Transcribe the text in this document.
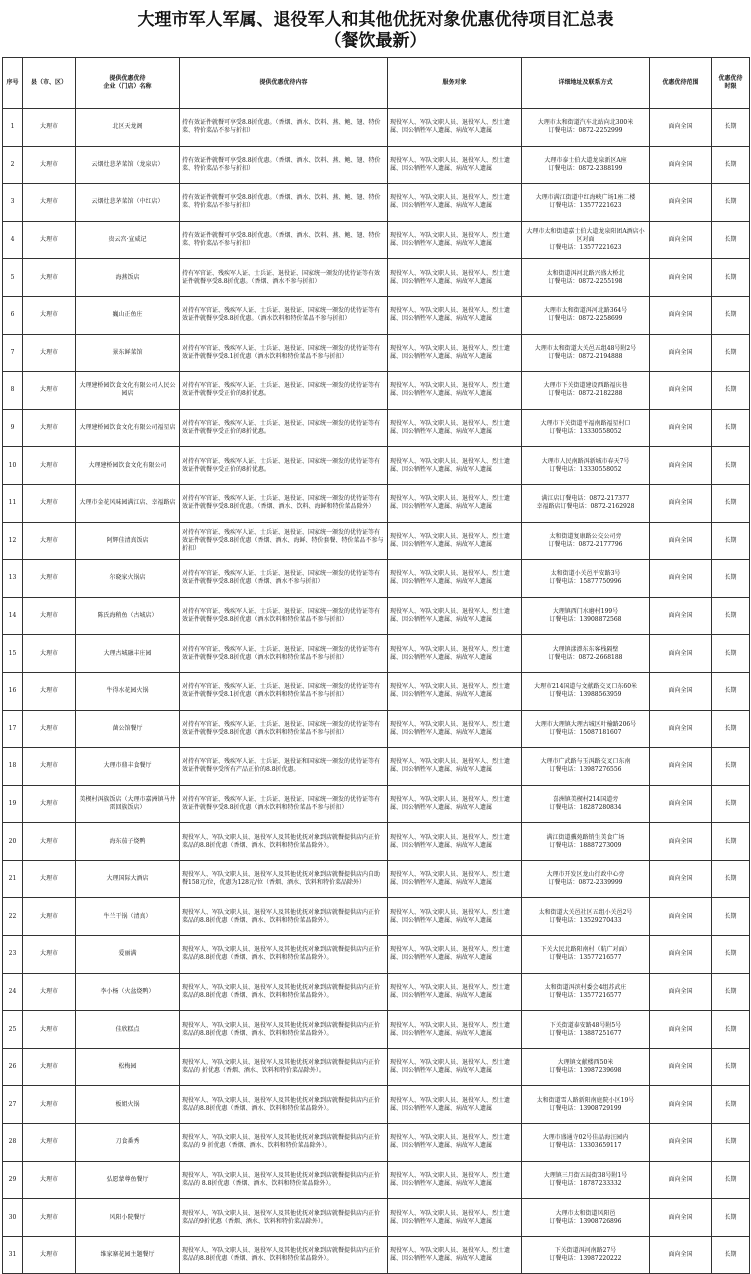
大理市军人军属、退役军人和其他优抚对象优惠优待项目汇总表
（餐饮最新）
序号	县（市、区）	提供优惠优待
企业（门店）名称	提供优惠优待内容	服务对象	详细地址及联系方式	优惠优待范围	优惠优待
时限
1	大理市	北区天龙阁	持有效证件就餐可享受8.8折优惠。（香烟、酒水、饮料、燕、鲍、翅、特价菜、特价菜品不参与折扣）	现役军人、军队文职人员、退役军人、烈士遗属、因公牺牲军人遗属、病故军人遗属	大理市太和街道汽车北站向北300米
订餐电话：0872-2252999	面向全国	长期
2	大理市	云烟灶悲茅菜馆（龙泉店）	持有效证件就餐可享受8.8折优惠。（香烟、酒水、饮料、燕、鲍、翅、特价菜、特价菜品不参与折扣）	现役军人、军队文职人员、退役军人、烈士遗属、因公牺牲军人遗属、病故军人遗属	大理市泰士伯大道龙泉新区A座
订餐电话：0872-2388199	面向全国	长期
3	大理市	云烟灶悲茅菜馆（中红店）	持有效证件就餐可享受8.8折优惠。（香烟、酒水、饮料、燕、鲍、翅、特价菜、特价菜品不参与折扣）	现役军人、军队文职人员、退役军人、烈士遗属、因公牺牲军人遗属、病故军人遗属	大理市满江街道中红海峡广场1座二楼
订餐电话：13577221623	面向全国	长期
4	大理市	贵云宫·宣威记	持有效证件就餐可享受8.8折优惠。（香烟、酒水、饮料、燕、鲍、翅、特价菜、特价菜品不参与折扣）	现役军人、军队文职人员、退役军人、烈士遗属、因公牺牲军人遗属、病故军人遗属	大理市太和街道嘉士伯大道龙泉阳团A酒店小区对面
订餐电话：13577221623	面向全国	长期
5	大理市	海燕饭店	持有军官证、残疾军人证、士兵证、退役证、国家统一颁发的优待证等有效证件就餐享受8.8折优惠。（香烟、酒水不参与折扣）	现役军人、军队文职人员、退役军人、烈士遗属、因公牺牲军人遗属、病故军人遗属	太和街道洱河北路兴盛大桥北
订餐电话：0872-2255198	面向全国	长期
6	大理市	巍山正鱼庄	对持有军官证、残疾军人证、士兵证、退役证、国家统一颁发的优待证等有效证件就餐享受8.8折优惠。（酒水饮料和特价菜品不参与折扣）	现役军人、军队文职人员、退役军人、烈士遗属、因公牺牲军人遗属、病故军人遗属	大理市太和街道洱河北路364号
订餐电话：0872-2258699	面向全国	长期
7	大理市	景东鲜菜馆	对持有军官证、残疾军人证、士兵证、退役证、国家统一颁发的优待证等有效证件就餐享受8.1折优惠（酒水饮料和特价菜品不参与折扣）	现役军人、军队文职人员、退役军人、烈士遗属、因公牺牲军人遗属、病故军人遗属	大理市太和街道大关邑五组48号附2号
订餐电话：0872-2194888	面向全国	长期
8	大理市	大理建桥园饮食文化有限公司人民公园店	对持有军官证、残疾军人证、士兵证、退役证、国家统一颁发的优待证等有效证件就餐享受正价的8折优惠。	现役军人、军队文职人员、退役军人、烈士遗属、因公牺牲军人遗属、病故军人遗属	大理市下关街道建设西路福庆巷
订餐电话：0872-2182288	面向全国	长期
9	大理市	大理建桥园饮食文化有限公司福星店	对持有军官证、残疾军人证、士兵证、退役证、国家统一颁发的优待证等有效证件就餐享受正价的8折优惠。	现役军人、军队文职人员、退役军人、烈士遗属、因公牺牲军人遗属、病故军人遗属	大理市下关街道平福南路福星村口
订餐电话：13330558052	面向全国	长期
10	大理市	大理建桥园饮食文化有限公司	对持有军官证、残疾军人证、士兵证、退役证、国家统一颁发的优待证等有效证件就餐享受正价的8折优惠。	现役军人、军队文职人员、退役军人、烈士遗属、因公牺牲军人遗属、病故军人遗属	大理市人民南路洱新城市春天7号
订餐电话：13330558052	面向全国	长期
11	大理市	大理市金花风味园满江店、幸福路店	对持有军官证、残疾军人证、士兵证、退役证、国家统一颁发的优待证等有效证件就餐享受8.8折优惠。（香烟、酒水、饮料、海鲜和特价菜品除外）	现役军人、军队文职人员、退役军人、烈士遗属、因公牺牲军人遗属、病故军人遗属	满江店订餐电话：0872-217377
幸福路店订餐电话：0872-2162928	面向全国	长期
12	大理市	阿辉佳清真饭店	对持有军官证、残疾军人证、士兵证、退役证、国家统一颁发的优待证等有效证件就餐享受8.8折优惠（香烟、酒水、海鲜、特价套餐、特价菜品不参与折扣）	现役军人、军队文职人员、退役军人、烈士遗属、因公牺牲军人遗属、病故军人遗属	太和街道复康路公交公司旁
订餐电话：0872-2177796	面向全国	长期
13	大理市	尔晓家火锅店	对持有军官证、残疾军人证、士兵证、退役证、国家统一颁发的优待证等有效证件就餐享受8.8折优惠（香烟、酒水不参与折扣）	现役军人、军队文职人员、退役军人、烈士遗属、因公牺牲军人遗属、病故军人遗属	太和街道小关邑平安路3号
订餐电话：15877750996	面向全国	长期
14	大理市	陈氏海稍鱼（古城店）	对持有军官证、残疾军人证、士兵证、退役证、国家统一颁发的优待证等有效证件就餐享受8.8折优惠（酒水饮料和特价菜品不参与折扣）	现役军人、军队文职人员、退役军人、烈士遗属、因公牺牲军人遗属、病故军人遗属	大理镇西门水磨村199号
订餐电话：13908872568	面向全国	长期
15	大理市	大理古城融丰庄园	对持有军官证、残疾军人证、士兵证、退役证、国家统一颁发的优待证等有效证件就餐享受8.8折优惠（酒水饮料和特价菜品不参与折扣）	现役军人、军队文职人员、退役军人、烈士遗属、因公牺牲军人遗属、病故军人遗属	大理镇漾濞东东客栈隔壁
订餐电话：0872-2668188	面向全国	长期
16	大理市	牛得水花园火锅	对持有军官证、残疾军人证、士兵证、退役证、国家统一颁发的优待证等有效证件就餐享受8.1折优惠（酒水饮料和特价菜品不参与折扣）	现役军人、军队文职人员、退役军人、烈士遗属、因公牺牲军人遗属、病故军人遗属	大理市214国道与文献路交叉口东60米
订餐电话：13988563959	面向全国	长期
17	大理市	菌公馆餐厅	对持有军官证、残疾军人证、士兵证、退役证、国家统一颁发的优待证等有效证件就餐享受8.8折优惠（酒水饮料和特价菜品不参与折扣）	现役军人、军队文职人员、退役军人、烈士遗属、因公牺牲军人遗属、病故军人遗属	大理市大理镇大理古城区叶榆路206号
订餐电话：15087181607	面向全国	长期
18	大理市	大理市鼎丰食餐厅	对持有军官证、残疾军人证、士兵证、退役证和国家统一颁发的优待证等有效证件就餐享受所有产品正价的8.8折优惠。	现役军人、军队文职人员、退役军人、烈士遗属、因公牺牲军人遗属、病故军人遗属	大理市广武路与玉洱路交叉口东南
订餐电话：13987276556	面向全国	长期
19	大理市	美楔村洱族饭店（大理市嘉洲镇马井雷回族饭店）	对持有军官证、残疾军人证、士兵证、退役证、国家统一颁发的优待证等有效证件就餐享受8.8折优惠（酒水饮料和特价菜品不参与折扣）	现役军人、军队文职人员、退役军人、烈士遗属、因公牺牲军人遗属、病故军人遗属	喜洲镇美楔村214国道旁
订餐电话：18287280834	面向全国	长期
20	大理市	海东茄子烧鸭	现役军人、军队文职人员、退役军人及其他优抚对象到店就餐提供店内正价菜品的8.8折优惠（香烟、酒水、饮料和特价菜品除外）。	现役军人、军队文职人员、退役军人、烈士遗属、因公牺牲军人遗属、病故军人遗属	满江街道骥苑路销生美食广场
订餐电话：18887273009	面向全国	长期
21	大理市	大理国际大酒店	现役军人、军队文职人员、退役军人及其他优抚对象到店就餐提供店内自助餐158元/位，优惠为128元/位（香烟、酒水、饮料和特价菜品除外）	现役军人、军队文职人员、退役军人、烈士遗属、因公牺牲军人遗属、病故军人遗属	大理市开发区龙山行政中心旁
订餐电话：0872-2339999	面向全国	长期
22	大理市	牛兰干锅（清真）	现役军人、军队文职人员、退役军人及其他优抚对象到店就餐提供店内正价菜品的8.8折优惠（香烟、酒水、饮料和特价菜品除外）。	现役军人、军队文职人员、退役军人、烈士遗属、因公牺牲军人遗属、病故军人遗属	太和街道大关邑社区五组小关邑2号
订餐电话：13529270433	面向全国	长期
23	大理市	爱丽满	现役军人、军队文职人员、退役军人及其他优抚对象到店就餐提供店内正价菜品的8.8折优惠（香烟、酒水、饮料和特价菜品除外）。	现役军人、军队文职人员、退役军人、烈士遗属、因公牺牲军人遗属、病故军人遗属	下关大民北路阳南村（航广对面）
订餐电话：13577216577	面向全国	长期
24	大理市	李小杨（火盆烧鸭）	现役军人、军队文职人员、退役军人及其他优抚对象到店就餐提供店内正价菜品的8.8折优惠（香烟、酒水、饮料和特价菜品除外）。	现役军人、军队文职人员、退役军人、烈士遗属、因公牺牲军人遗属、病故军人遗属	太和街道洱滨村委会4组苏武庄
订餐电话：13577216577	面向全国	长期
25	大理市	佳欣糕点	现役军人、军队文职人员、退役军人及其他优抚对象到店就餐提供店内正价菜品的8.8折优惠（香烟、酒水、饮料和特价菜品除外）。	现役军人、军队文职人员、退役军人、烈士遗属、因公牺牲军人遗属、病故军人遗属	下关街道泰安路48号附5号
订餐电话：13887251677	面向全国	长期
26	大理市	松梅园	现役军人、军队文职人员、退役军人及其他优抚对象到店就餐提供店内正价菜品的 折优惠（香烟、酒水、饮料和特价菜品除外）。	现役军人、军队文职人员、退役军人、烈士遗属、因公牺牲军人遗属、病故军人遗属	大理镇文献楼西50米
订餐电话：13987239698	面向全国	长期
27	大理市	板姐火锅	现役军人、军队文职人员、退役军人及其他优抚对象到店就餐提供店内正价菜品的8.8折优惠（香烟、酒水、饮料和特价菜品除外）。	现役军人、军队文职人员、退役军人、烈士遗属、因公牺牲军人遗属、病故军人遗属	太和街道雪人路新阳南庭院小区19号
订餐电话：13908729199	面向全国	长期
28	大理市	刀食番秀	现役军人、军队文职人员、退役军人及其他优抚对象到店就餐提供店内正价菜品的 9 折优惠（香烟、酒水、饮料和特价菜品除外）。	现役军人、军队文职人员、退役军人、烈士遗属、因公牺牲军人遗属、病故军人遗属	大理市盛通寺02号佳品海汪园内
订餐电话：13303659117	面向全国	长期
29	大理市	弘愿蒙尊鱼餐厅	现役军人、军队文职人员、退役军人及其他优抚对象到店就餐提供店内正价菜品的 8.8折优惠（香烟、酒水、饮料和特价菜品除外）。	现役军人、军队文职人员、退役军人、烈士遗属、因公牺牲军人遗属、病故军人遗属	大理镇三月街五局街38号附1号
订餐电话：18787233332	面向全国	长期
30	大理市	风阳小院餐厅	现役军人、军队文职人员、退役军人及其他优抚对象到店就餐提供店内正价菜品的9折优惠（香烟、酒水、饮料和特价菜品除外）。	现役军人、军队文职人员、退役军人、烈士遗属、因公牺牲军人遗属、病故军人遗属	大理市太和街道风阳邑
订餐电话：13908726896	面向全国	长期
31	大理市	维家寨花园主题餐厅	现役军人、军队文职人员、退役军人及其他优抚对象到店就餐提供店内正价菜品的8.8折优惠（香烟、酒水、饮料和特价菜品除外）。	现役军人、军队文职人员、退役军人、烈士遗属、因公牺牲军人遗属、病故军人遗属	下关街道洱河南路27号
订餐电话：13987220222	面向全国	长期
